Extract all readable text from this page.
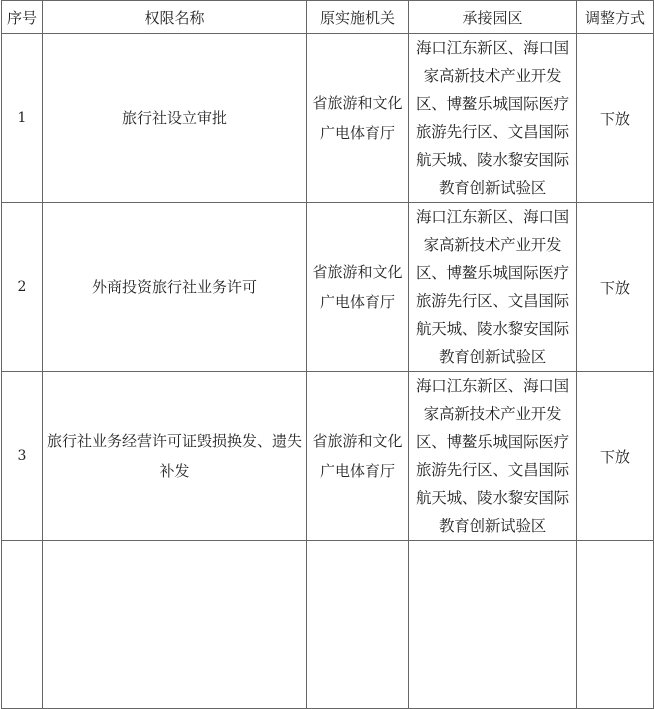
序号	权限名称	原实施机关	承接园区	调整方式
1	旅行社设立审批	省旅游和文化广电体育厅	海口江东新区、海口国家高新技术产业开发区、博鳌乐城国际医疗旅游先行区、文昌国际航天城、陵水黎安国际教育创新试验区	下放
2	外商投资旅行社业务许可	省旅游和文化广电体育厅	海口江东新区、海口国家高新技术产业开发区、博鳌乐城国际医疗旅游先行区、文昌国际航天城、陵水黎安国际教育创新试验区	下放
3	旅行社业务经营许可证毁损换发、遗失补发	省旅游和文化广电体育厅	海口江东新区、海口国家高新技术产业开发区、博鳌乐城国际医疗旅游先行区、文昌国际航天城、陵水黎安国际教育创新试验区	下放
